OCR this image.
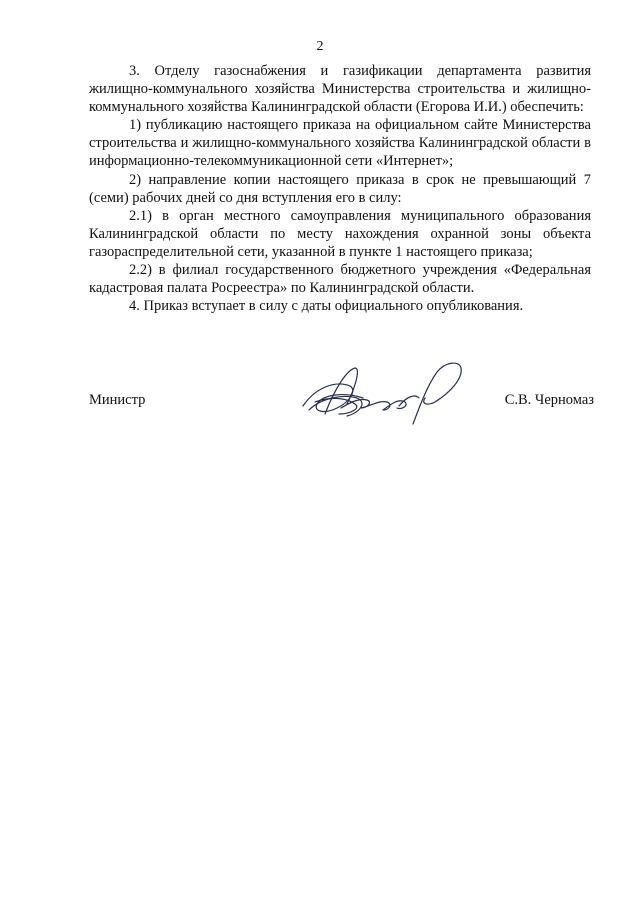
2

3. Отделу газоснабжения и газификации департамента развития жилищно-коммунального хозяйства Министерства строительства и жилищно-коммунального хозяйства Калининградской области (Егорова И.И.) обеспечить:

1) публикацию настоящего приказа на официальном сайте Министерства строительства и жилищно-коммунального хозяйства Калининградской области в информационно-телекоммуникационной сети «Интернет»;

2) направление копии настоящего приказа в срок не превышающий 7 (семи) рабочих дней со дня вступления его в силу:

2.1) в орган местного самоуправления муниципального образования Калининградской области по месту нахождения охранной зоны объекта газораспределительной сети, указанной в пункте 1 настоящего приказа;

2.2) в филиал государственного бюджетного учреждения «Федеральная кадастровая палата Росреестра» по Калининградской области.

4. Приказ вступает в силу с даты официального опубликования.

Министр	С.В. Черномаз
